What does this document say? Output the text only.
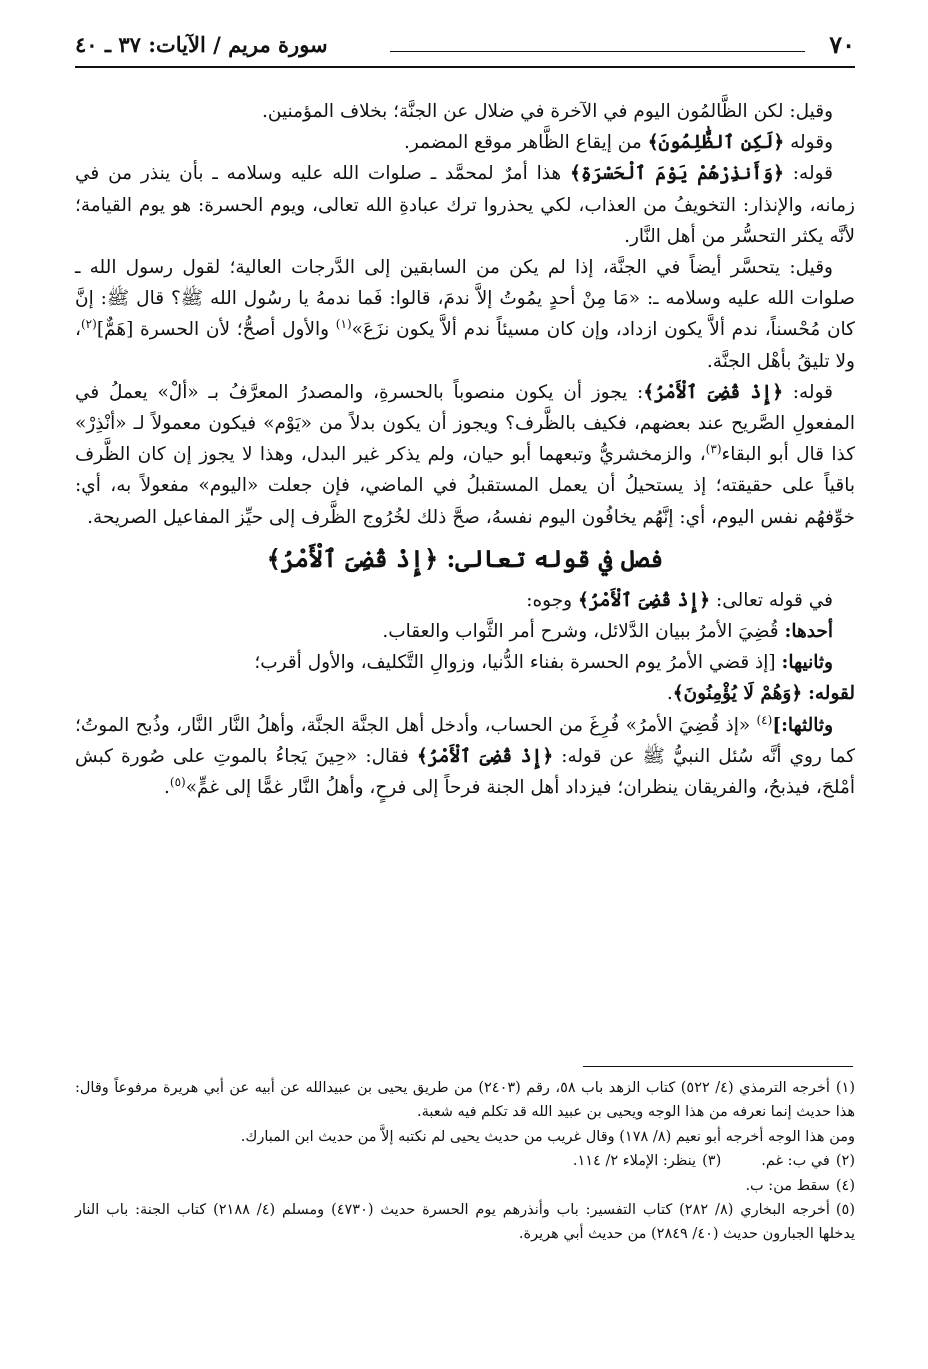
٧٠
سورة مريم / الآيات: ٣٧ ـ ٤٠

وقيل: لكن الظَّالمُون اليوم في الآخرة في ضلال عن الجنَّة؛ بخلاف المؤمنين.

وقوله ﴿لَكِنِ ٱلظَّٰلِمُونَ﴾ من إيقاع الظَّاهر موقع المضمر.

قوله: ﴿وَأَنذِرْهُمْ يَوْمَ ٱلْحَسْرَةِ﴾ هذا أمرٌ لمحمَّد ـ صلوات الله عليه وسلامه ـ بأن ينذر من في زمانه، والإنذار: التخويفُ من العذاب، لكي يحذروا ترك عبادةِ الله تعالى، ويوم الحسرة: هو يوم القيامة؛ لأنَّه يكثر التحسُّر من أهل النَّار.

وقيل: يتحسَّر أيضاً في الجنَّة، إذا لم يكن من السابقين إلى الدَّرجات العالية؛ لقول رسول الله ـ صلوات الله عليه وسلامه ـ: «مَا مِنْ أحدٍ يمُوتُ إلاَّ ندمَ، قالوا: فَما ندمهُ يا رسُول الله ﷺ؟ قال ﷺ: إنَّ كان مُحْسناً، ندم ألاَّ يكون ازداد، وإن كان مسيئاً ندم ألاَّ يكون نزَعَ»$^{(١)}$ والأول أصحُّ؛ لأن الحسرة [هَمٌّ]$^{(٢)}$، ولا تليقُ بأهْل الجنَّة.

قوله: ﴿إِذْ قُضِىَ ٱلْأَمْرُ﴾: يجوز أن يكون منصوباً بالحسرةِ، والمصدرُ المعرَّفُ بـ «ألْ» يعملُ في المفعولِ الصَّريح عند بعضهم، فكيف بالظَّرف؟ ويجوز أن يكون بدلاً من «يَوْم» فيكون معمولاً لـ «أنْذِرْ» كذا قال أبو البقاء$^{(٣)}$، والزمخشريُّ وتبعهما أبو حيان، ولم يذكر غير البدل، وهذا لا يجوز إن كان الظَّرف باقياً على حقيقته؛ إذ يستحيلُ أن يعمل المستقبلُ في الماضي، فإن جعلت «اليوم» مفعولاً به، أي: خوِّفهُم نفس اليوم، أي: إنَّهُم يخافُون اليوم نفسهُ، صحَّ ذلك لخُرُوج الظَّرف إلى حيِّز المفاعيل الصريحة.

فصل في قوله تعالى: ﴿إِذْ قُضِىَ ٱلْأَمْرُ﴾

في قوله تعالى: ﴿إِذْ قُضِىَ ٱلْأَمْرُ﴾ وجوه:

أحدها: قُضِيَ الأمرُ ببيان الدَّلائل، وشرح أمر الثَّواب والعقاب.

وثانيها: [إذ قضي الأمرُ يوم الحسرة بفناء الدُّنيا، وزوالِ التَّكليف، والأول أقرب؛

لقوله: ﴿وَهُمْ لَا يُؤْمِنُونَ﴾.

وثالثها:]$^{(٤)}$ «إذ قُضِيَ الأمرُ» فُرِغَ من الحساب، وأدخل أهل الجنَّة الجنَّة، وأهلُ النَّار النَّار، وذُبح الموتُ؛ كما روي أنَّه سُئل النبيُّ ﷺ عن قوله: ﴿إِذْ قُضِىَ ٱلْأَمْرُ﴾ فقال: «حِينَ يَجاءُ بالموتِ على صُورة كبش أمْلحَ، فيذبحُ، والفريقان ينظران؛ فيزداد أهل الجنة فرحاً إلى فرحٍ، وأهلُ النَّار غمًّا إلى غمٍّ»$^{(٥)}$.

(١)أخرجه الترمذي (٤/ ٥٢٢) كتاب الزهد باب ٥٨، رقم (٢٤٠٣) من طريق يحيى بن عبيدالله عن أبيه عن أبي هريرة مرفوعاً وقال: هذا حديث إنما نعرفه من هذا الوجه ويحيى بن عبيد الله قد تكلم فيه شعبة.

ومن هذا الوجه أخرجه أبو نعيم (٨/ ١٧٨) وقال غريب من حديث يحيى لم نكتبه إلاَّ من حديث ابن المبارك.

(٢)في ب: غم.

(٣)ينظر: الإملاء ٢/ ١١٤.

(٤)سقط من: ب.

(٥)أخرجه البخاري (٨/ ٢٨٢) كتاب التفسير: باب وأنذرهم يوم الحسرة حديث (٤٧٣٠) ومسلم (٤/ ٢١٨٨) كتاب الجنة: باب النار يدخلها الجبارون حديث (٤٠/ ٢٨٤٩) من حديث أبي هريرة.
